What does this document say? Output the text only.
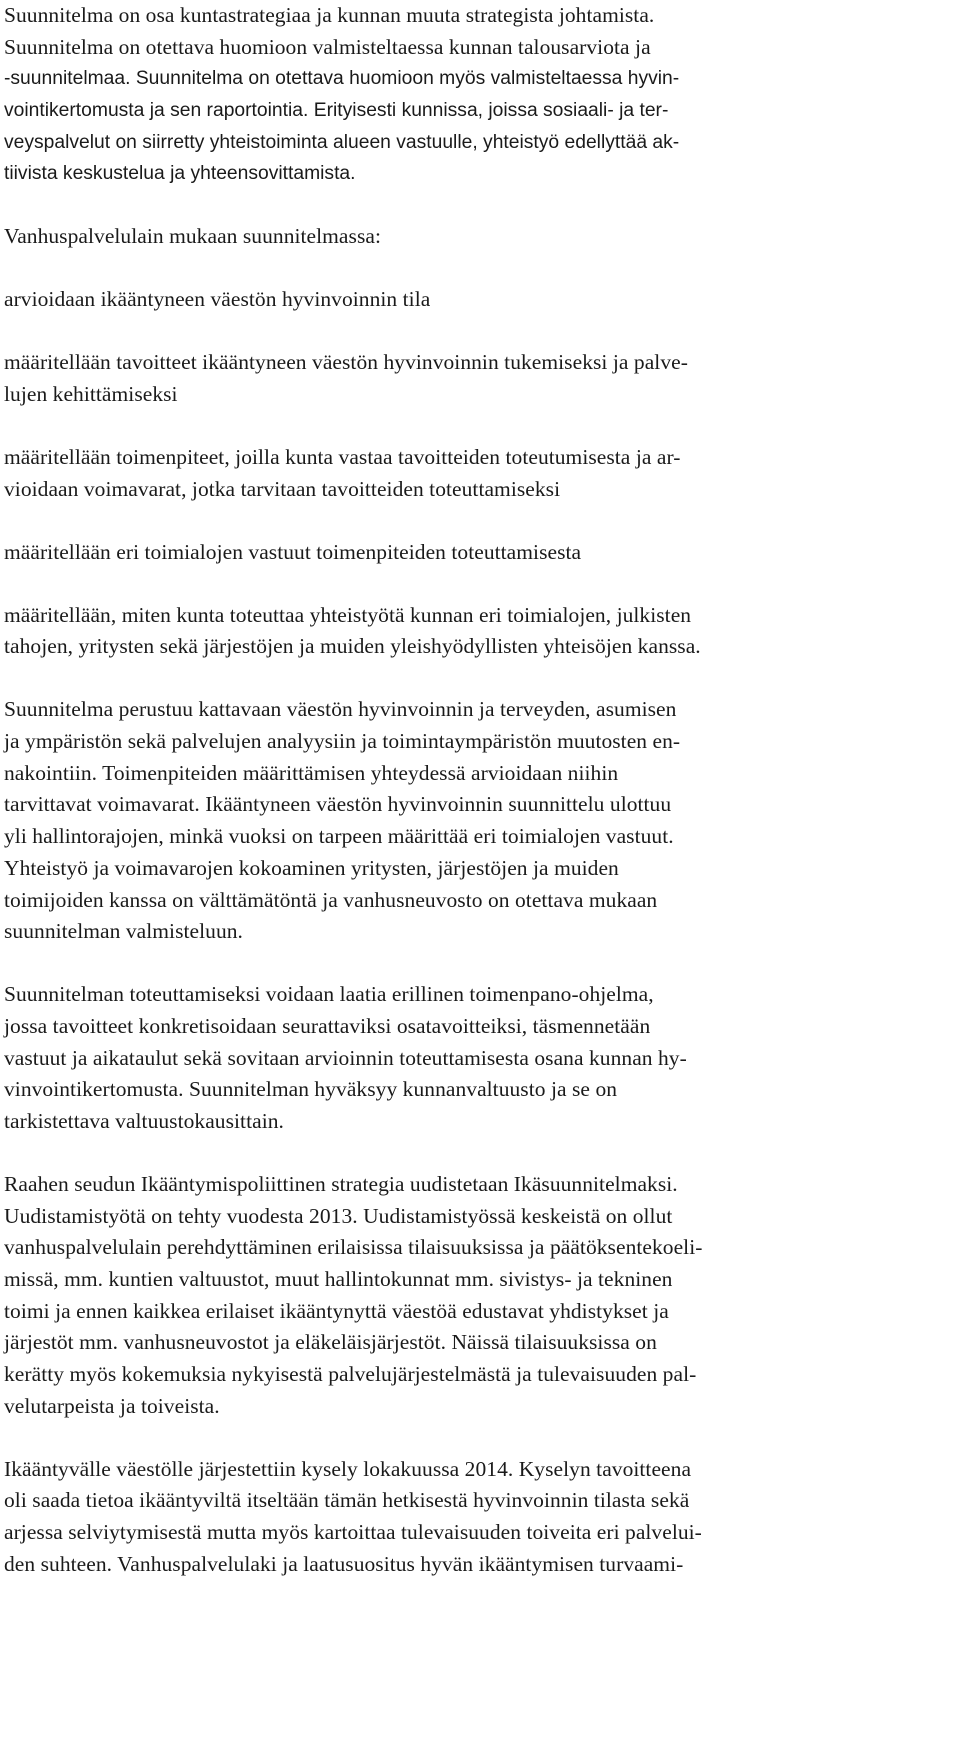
Suunnitelma on osa kuntastrategiaa ja kunnan muuta strategista johtamista.
Suunnitelma on otettava huomioon valmisteltaessa kunnan talousarviota ja
-suunnitelmaa. Suunnitelma on otettava huomioon myös valmisteltaessa hyvin-
vointikertomusta ja sen raportointia. Erityisesti kunnissa, joissa sosiaali- ja ter-
veyspalvelut on siirretty yhteistoiminta alueen vastuulle, yhteistyö edellyttää ak-
tiivista keskustelua ja yhteensovittamista.
Vanhuspalvelulain mukaan suunnitelmassa:
arvioidaan ikääntyneen väestön hyvinvoinnin tila
määritellään tavoitteet ikääntyneen väestön hyvinvoinnin tukemiseksi ja palve-
lujen kehittämiseksi
määritellään toimenpiteet, joilla kunta vastaa tavoitteiden toteutumisesta ja ar-
vioidaan voimavarat, jotka tarvitaan tavoitteiden toteuttamiseksi
määritellään eri toimialojen vastuut toimenpiteiden toteuttamisesta
määritellään, miten kunta toteuttaa yhteistyötä kunnan eri toimialojen, julkisten
tahojen, yritysten sekä järjestöjen ja muiden yleishyödyllisten yhteisöjen kanssa.
Suunnitelma perustuu kattavaan väestön hyvinvoinnin ja terveyden, asumisen
ja ympäristön sekä palvelujen analyysiin ja toimintaympäristön muutosten en-
nakointiin. Toimenpiteiden määrittämisen yhteydessä arvioidaan niihin
tarvittavat voimavarat. Ikääntyneen väestön hyvinvoinnin suunnittelu ulottuu
yli hallintorajojen, minkä vuoksi on tarpeen määrittää eri toimialojen vastuut.
Yhteistyö ja voimavarojen kokoaminen yritysten, järjestöjen ja muiden
toimijoiden kanssa on välttämätöntä ja vanhusneuvosto on otettava mukaan
suunnitelman valmisteluun.
Suunnitelman toteuttamiseksi voidaan laatia erillinen toimenpano-ohjelma,
jossa tavoitteet konkretisoidaan seurattaviksi osatavoitteiksi, täsmennetään
vastuut ja aikataulut sekä sovitaan arvioinnin toteuttamisesta osana kunnan hy-
vinvointikertomusta. Suunnitelman hyväksyy kunnanvaltuusto ja se on
tarkistettava valtuustokausittain.
Raahen seudun Ikääntymispoliittinen strategia uudistetaan Ikäsuunnitelmaksi.
Uudistamistyötä on tehty vuodesta 2013. Uudistamistyössä keskeistä on ollut
vanhuspalvelulain perehdyttäminen erilaisissa tilaisuuksissa ja päätöksentekoeli-
missä, mm. kuntien valtuustot, muut hallintokunnat mm. sivistys- ja tekninen
toimi ja ennen kaikkea erilaiset ikääntynyttä väestöä edustavat yhdistykset ja
järjestöt mm. vanhusneuvostot ja eläkeläisjärjestöt. Näissä tilaisuuksissa on
kerätty myös kokemuksia nykyisestä palvelujärjestelmästä ja tulevaisuuden pal-
velutarpeista ja toiveista.
Ikääntyvälle väestölle järjestettiin kysely lokakuussa 2014. Kyselyn tavoitteena
oli saada tietoa ikääntyviltä itseltään tämän hetkisestä hyvinvoinnin tilasta sekä
arjessa selviytymisestä mutta myös kartoittaa tulevaisuuden toiveita eri palvelui-
den suhteen. Vanhuspalvelulaki ja laatusuositus hyvän ikääntymisen turvaami-
